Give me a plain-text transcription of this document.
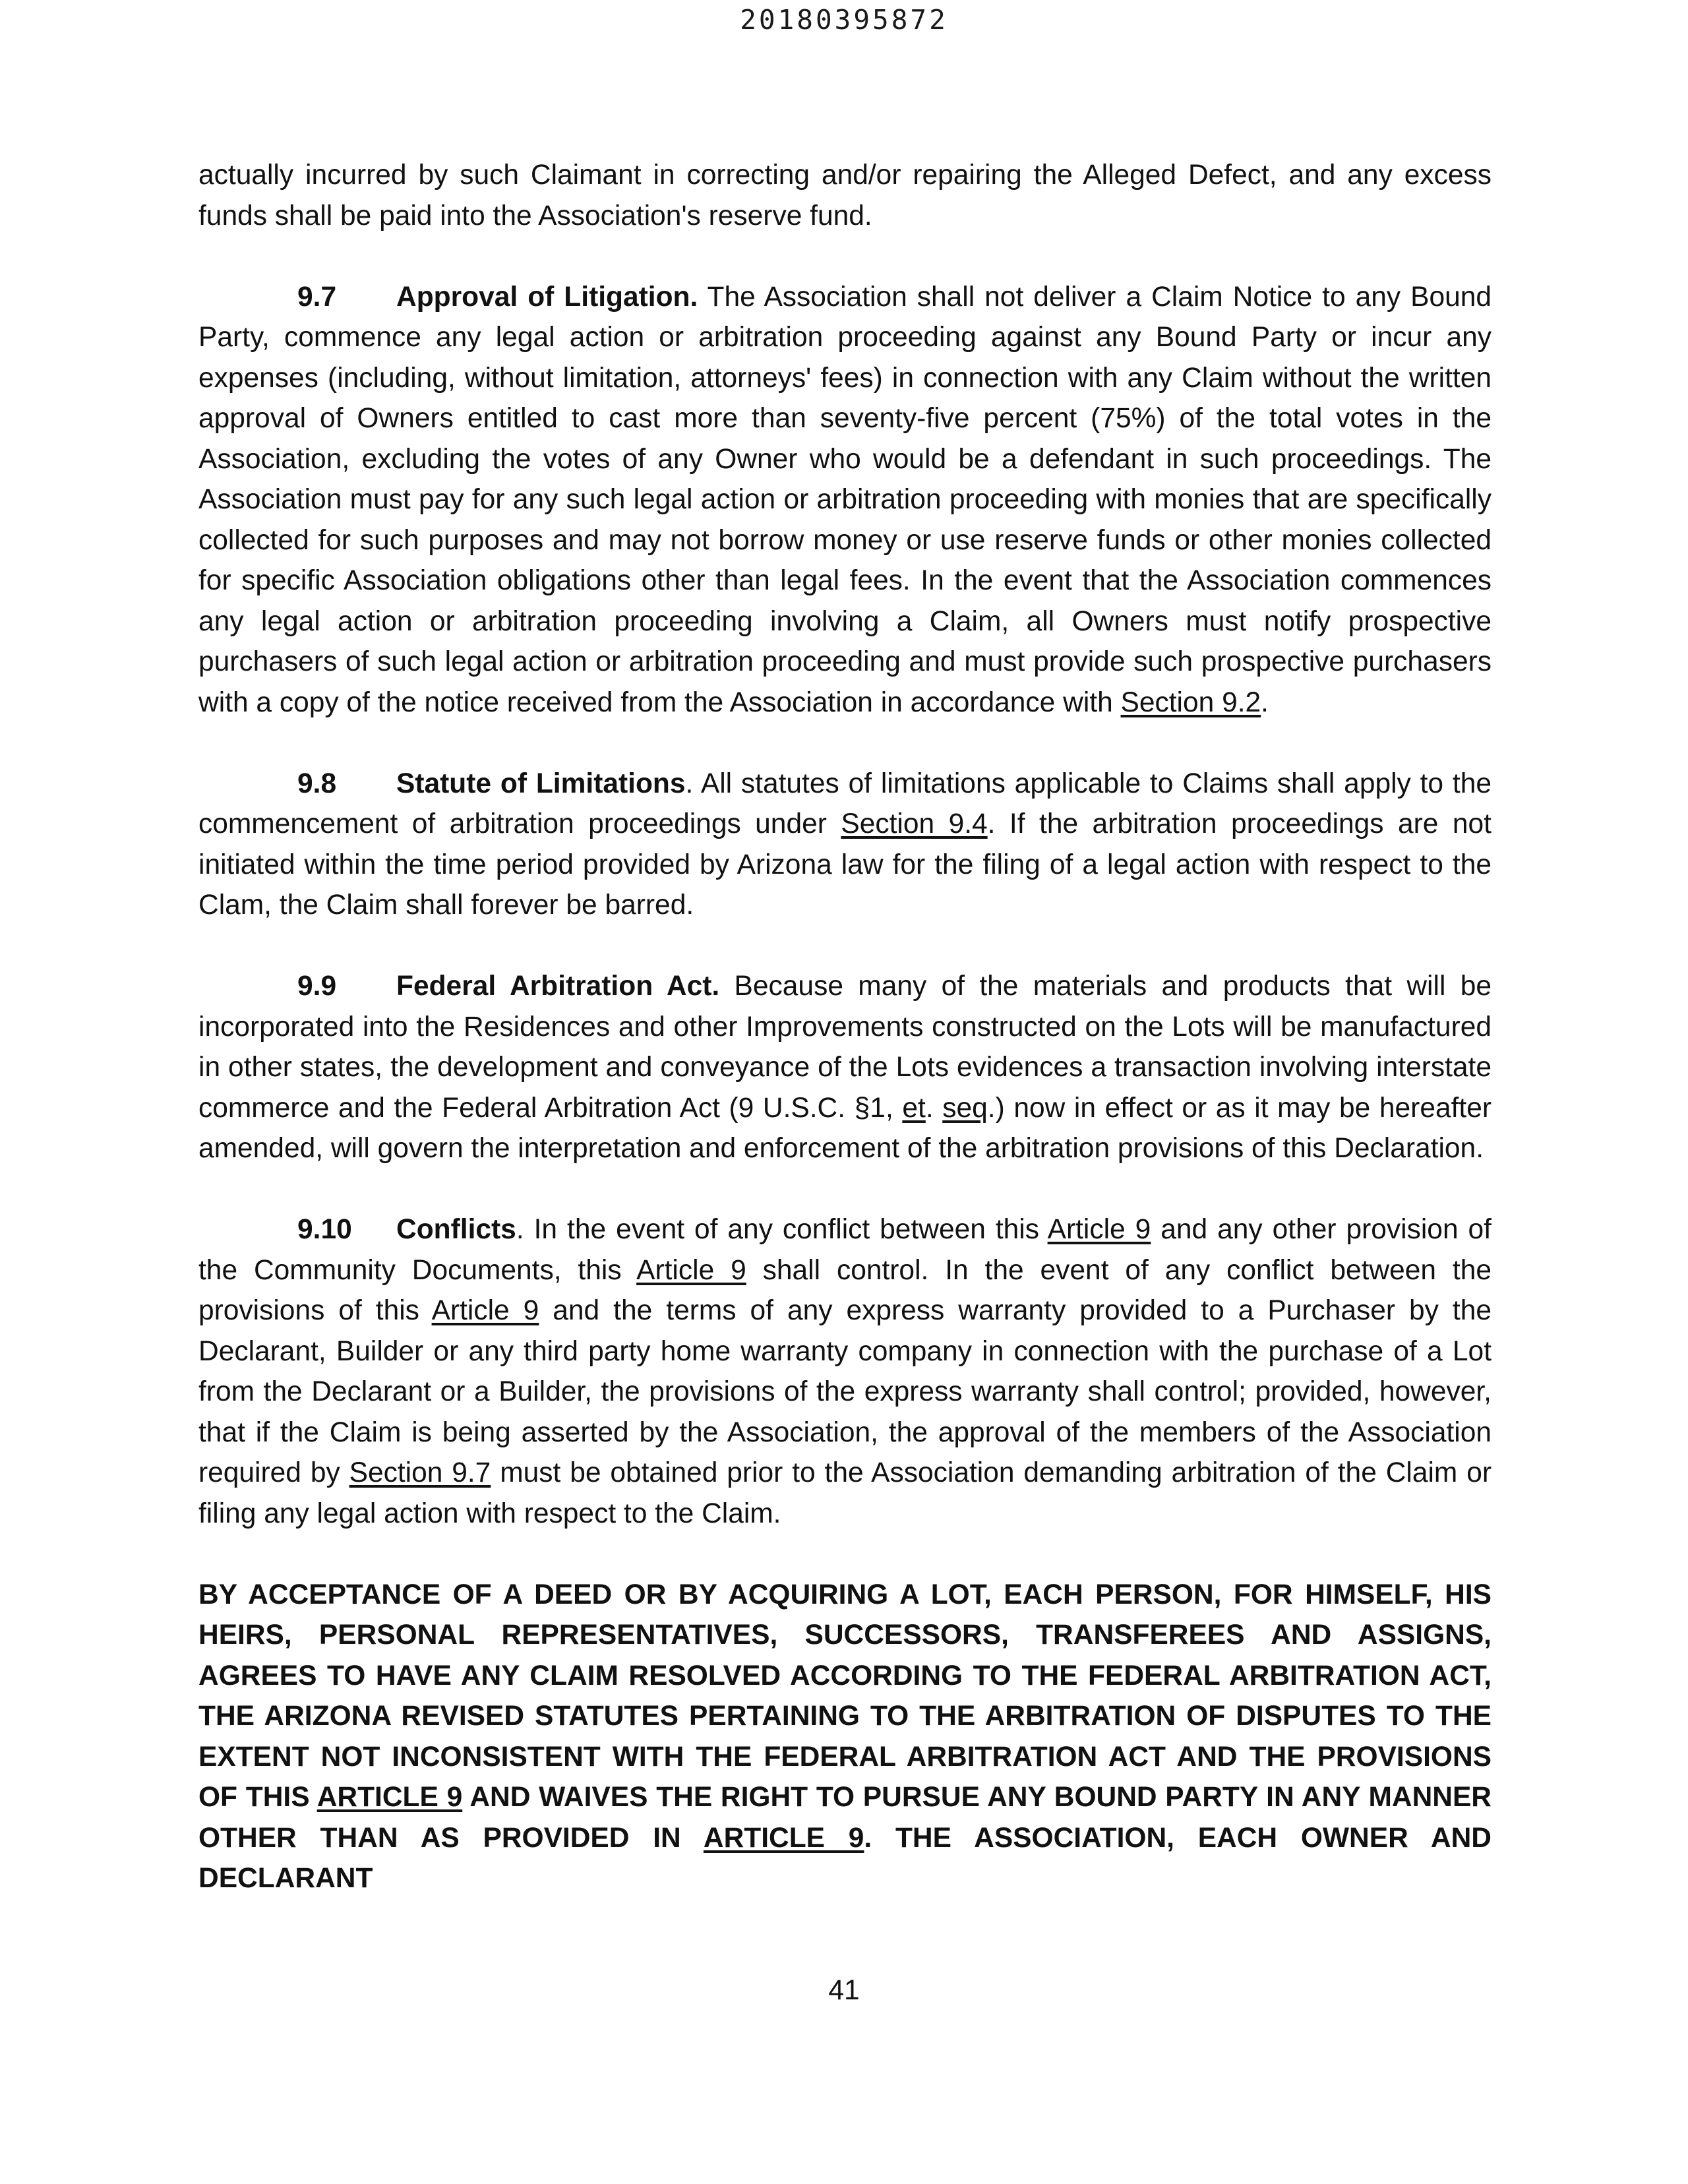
20180395872

actually incurred by such Claimant in correcting and/or repairing the Alleged Defect, and any excess funds shall be paid into the Association's reserve fund.

9.7 Approval of Litigation. The Association shall not deliver a Claim Notice to any Bound Party, commence any legal action or arbitration proceeding against any Bound Party or incur any expenses (including, without limitation, attorneys' fees) in connection with any Claim without the written approval of Owners entitled to cast more than seventy-five percent (75%) of the total votes in the Association, excluding the votes of any Owner who would be a defendant in such proceedings. The Association must pay for any such legal action or arbitration proceeding with monies that are specifically collected for such purposes and may not borrow money or use reserve funds or other monies collected for specific Association obligations other than legal fees. In the event that the Association commences any legal action or arbitration proceeding involving a Claim, all Owners must notify prospective purchasers of such legal action or arbitration proceeding and must provide such prospective purchasers with a copy of the notice received from the Association in accordance with Section 9.2.

9.8 Statute of Limitations. All statutes of limitations applicable to Claims shall apply to the commencement of arbitration proceedings under Section 9.4. If the arbitration proceedings are not initiated within the time period provided by Arizona law for the filing of a legal action with respect to the Clam, the Claim shall forever be barred.

9.9 Federal Arbitration Act. Because many of the materials and products that will be incorporated into the Residences and other Improvements constructed on the Lots will be manufactured in other states, the development and conveyance of the Lots evidences a transaction involving interstate commerce and the Federal Arbitration Act (9 U.S.C. §1, et. seq.) now in effect or as it may be hereafter amended, will govern the interpretation and enforcement of the arbitration provisions of this Declaration.

9.10 Conflicts. In the event of any conflict between this Article 9 and any other provision of the Community Documents, this Article 9 shall control. In the event of any conflict between the provisions of this Article 9 and the terms of any express warranty provided to a Purchaser by the Declarant, Builder or any third party home warranty company in connection with the purchase of a Lot from the Declarant or a Builder, the provisions of the express warranty shall control; provided, however, that if the Claim is being asserted by the Association, the approval of the members of the Association required by Section 9.7 must be obtained prior to the Association demanding arbitration of the Claim or filing any legal action with respect to the Claim.

BY ACCEPTANCE OF A DEED OR BY ACQUIRING A LOT, EACH PERSON, FOR HIMSELF, HIS HEIRS, PERSONAL REPRESENTATIVES, SUCCESSORS, TRANSFEREES AND ASSIGNS, AGREES TO HAVE ANY CLAIM RESOLVED ACCORDING TO THE FEDERAL ARBITRATION ACT, THE ARIZONA REVISED STATUTES PERTAINING TO THE ARBITRATION OF DISPUTES TO THE EXTENT NOT INCONSISTENT WITH THE FEDERAL ARBITRATION ACT AND THE PROVISIONS OF THIS ARTICLE 9 AND WAIVES THE RIGHT TO PURSUE ANY BOUND PARTY IN ANY MANNER OTHER THAN AS PROVIDED IN ARTICLE 9. THE ASSOCIATION, EACH OWNER AND DECLARANT

41
